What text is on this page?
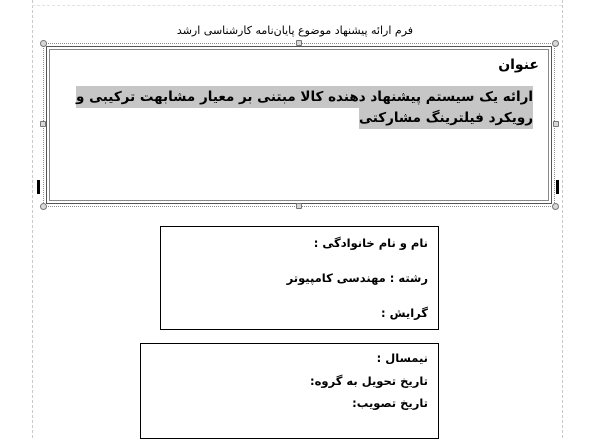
فرم ارائه پیشنهاد موضوع پایان‌نامه کارشناسی ارشد
عنوان
ارائه یک سیستم پیشنهاد دهنده کالا مبتنی بر معیار مشابهت ترکیبی و رویکرد فیلترینگ مشارکتی
نام و نام خانوادگی :
رشته : مهندسی کامپیوتر
گرایش :
نیمسال :
تاریخ تحویل به گروه:
تاریخ تصویب:
